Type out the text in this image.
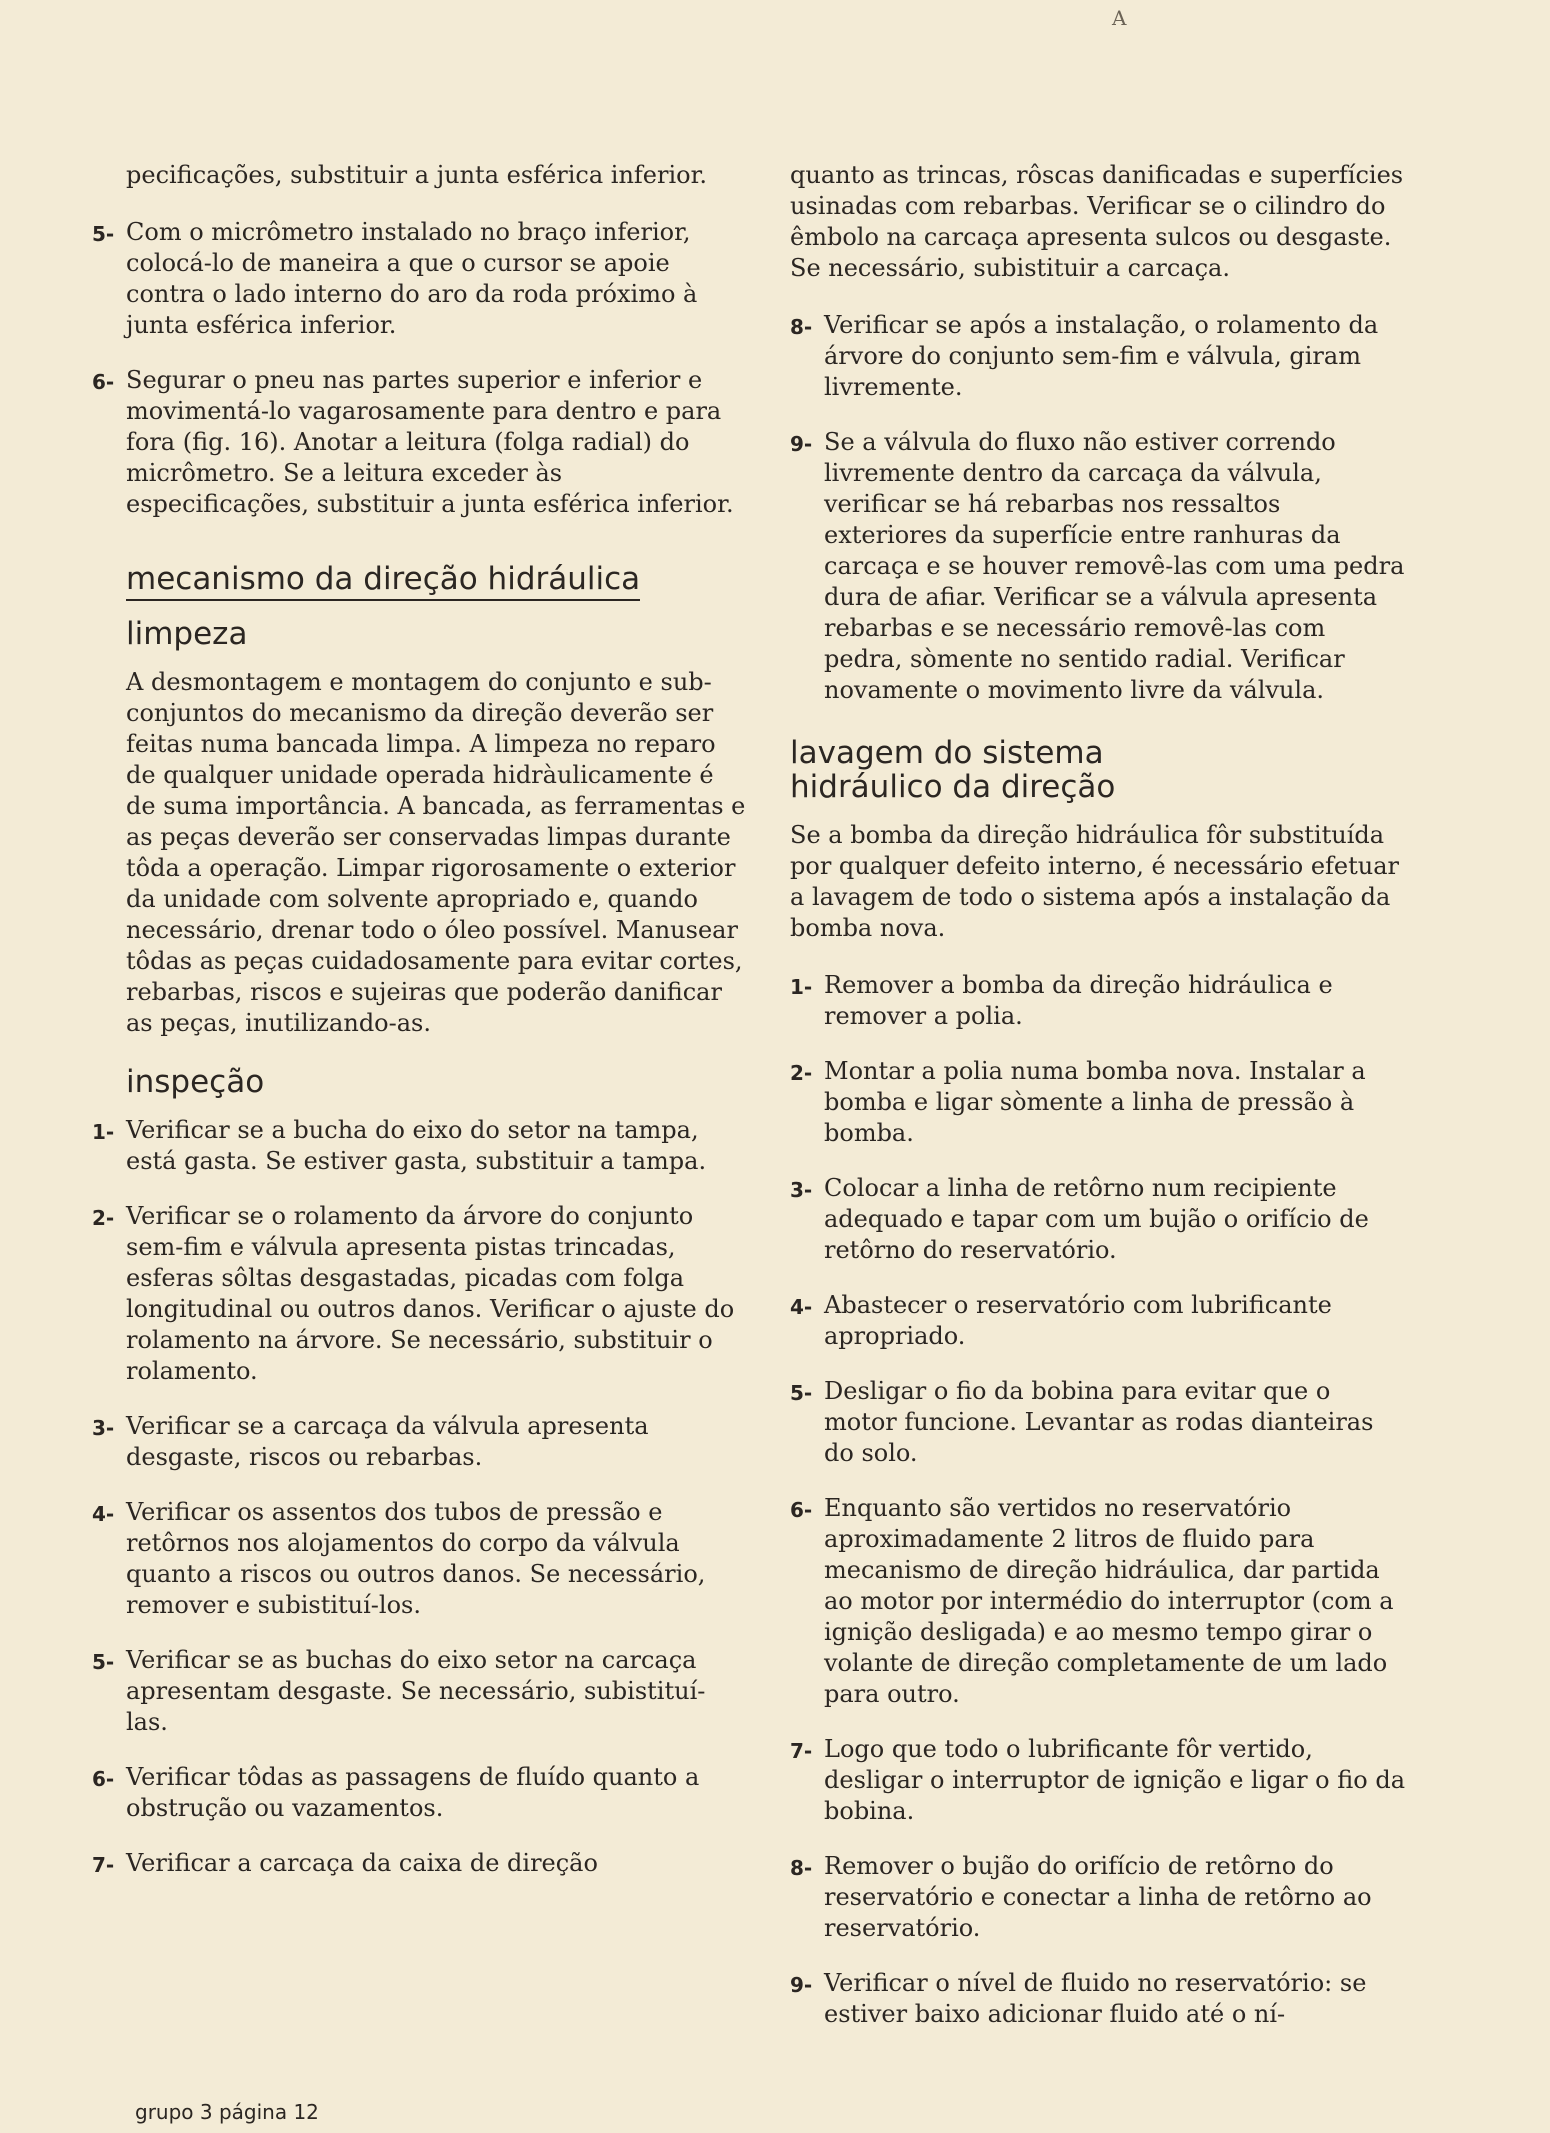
A

pecificações, substituir a junta esférica inferior.

5- Com o micrômetro instalado no braço inferior, colocá-lo de maneira a que o cursor se apoie contra o lado interno do aro da roda próximo à junta esférica inferior.
6- Segurar o pneu nas partes superior e inferior e movimentá-lo vagarosamente para dentro e para fora (fig. 16). Anotar a leitura (folga radial) do micrômetro. Se a leitura exceder às especificações, substituir a junta esférica inferior.
mecanismo da direção hidráulica
limpeza

A desmontagem e montagem do conjunto e sub-conjuntos do mecanismo da direção deverão ser feitas numa bancada limpa. A limpeza no reparo de qualquer unidade operada hidràulicamente é de suma importância. A bancada, as ferramentas e as peças deverão ser conservadas limpas durante tôda a operação. Limpar rigorosamente o exterior da unidade com solvente apropriado e, quando necessário, drenar todo o óleo possível. Manusear tôdas as peças cuidadosamente para evitar cortes, rebarbas, riscos e sujeiras que poderão danificar as peças, inutilizando-as.

inspeção
1- Verificar se a bucha do eixo do setor na tampa, está gasta. Se estiver gasta, substituir a tampa.
2- Verificar se o rolamento da árvore do conjunto sem-fim e válvula apresenta pistas trincadas, esferas sôltas desgastadas, picadas com folga longitudinal ou outros danos. Verificar o ajuste do rolamento na árvore. Se necessário, substituir o rolamento.
3- Verificar se a carcaça da válvula apresenta desgaste, riscos ou rebarbas.
4- Verificar os assentos dos tubos de pressão e retôrnos nos alojamentos do corpo da válvula quanto a riscos ou outros danos. Se necessário, remover e subistituí-los.
5- Verificar se as buchas do eixo setor na carcaça apresentam desgaste. Se necessário, subistituí-las.
6- Verificar tôdas as passagens de fluído quanto a obstrução ou vazamentos.
7- Verificar a carcaça da caixa de direção

quanto as trincas, rôscas danificadas e superfícies usinadas com rebarbas. Verificar se o cilindro do êmbolo na carcaça apresenta sulcos ou desgaste. Se necessário, subistituir a carcaça.

8- Verificar se após a instalação, o rolamento da árvore do conjunto sem-fim e válvula, giram livremente.
9- Se a válvula do fluxo não estiver correndo livremente dentro da carcaça da válvula, verificar se há rebarbas nos ressaltos exteriores da superfície entre ranhuras da carcaça e se houver removê-las com uma pedra dura de afiar. Verificar se a válvula apresenta rebarbas e se necessário removê-las com pedra, sòmente no sentido radial. Verificar novamente o movimento livre da válvula.
lavagem do sistema
hidráulico da direção

Se a bomba da direção hidráulica fôr substituída por qualquer defeito interno, é necessário efetuar a lavagem de todo o sistema após a instalação da bomba nova.

1- Remover a bomba da direção hidráulica e remover a polia.
2- Montar a polia numa bomba nova. Instalar a bomba e ligar sòmente a linha de pressão à bomba.
3- Colocar a linha de retôrno num recipiente adequado e tapar com um bujão o orifício de retôrno do reservatório.
4- Abastecer o reservatório com lubrificante apropriado.
5- Desligar o fio da bobina para evitar que o motor funcione. Levantar as rodas dianteiras do solo.
6- Enquanto são vertidos no reservatório aproximadamente 2 litros de fluido para mecanismo de direção hidráulica, dar partida ao motor por intermédio do interruptor (com a ignição desligada) e ao mesmo tempo girar o volante de direção completamente de um lado para outro.
7- Logo que todo o lubrificante fôr vertido, desligar o interruptor de ignição e ligar o fio da bobina.
8- Remover o bujão do orifício de retôrno do reservatório e conectar a linha de retôrno ao reservatório.
9- Verificar o nível de fluido no reservatório: se estiver baixo adicionar fluido até o ní-
grupo 3 página 12
